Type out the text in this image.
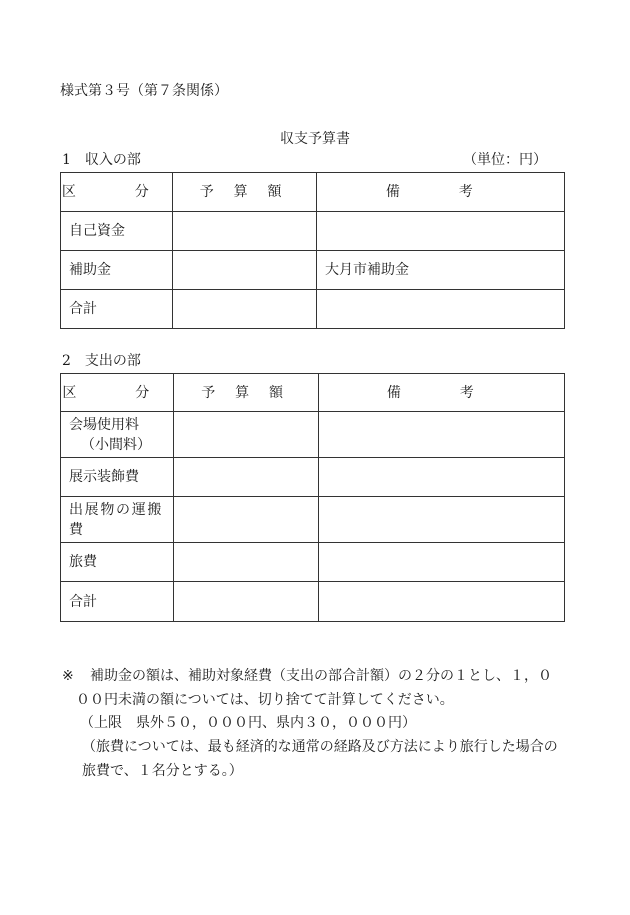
様式第３号（第７条関係）
収支予算書
1　収入の部	（単位：円）
区　分	予 算 額	備　考
自己資金		
補助金		大月市補助金
合計		
2　支出の部
区　分	予 算 額	備　考

会場使用料
（小間料）		

展示装飾費		

出展物の運搬
費		

旅費		
合計		
※ 補助金の額は、補助対象経費（支出の部合計額）の２分の１とし、１，０
００円未満の額については、切り捨てて計算してください。
（上限　県外５０，０００円、県内３０，０００円）
（旅費については、最も経済的な通常の経路及び方法により旅行した場合の
旅費で、１名分とする。）
